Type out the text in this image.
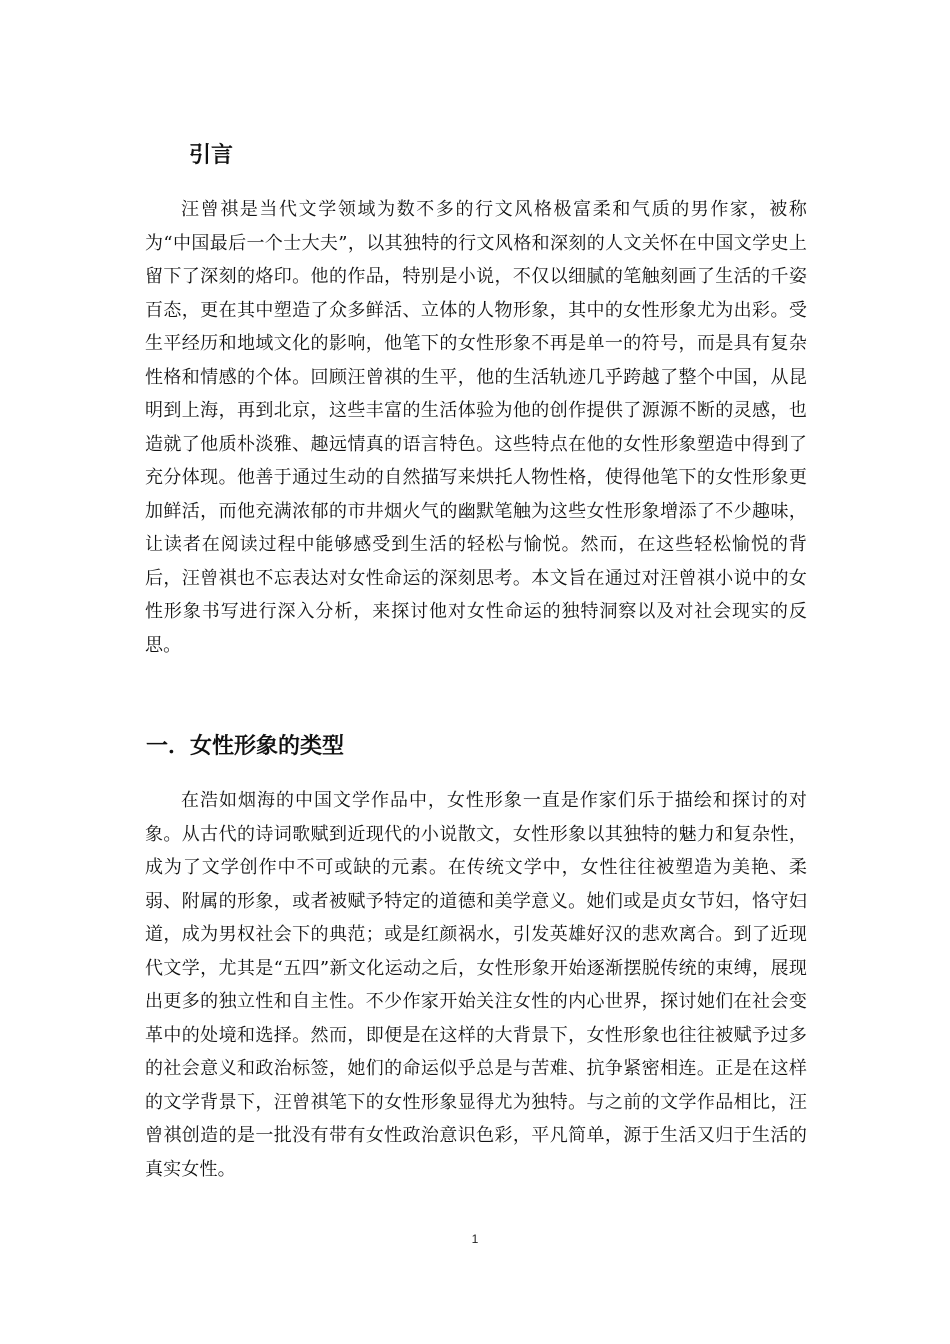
引言

汪曾祺是当代文学领域为数不多的行文风格极富柔和气质的男作家，被称为“中国最后一个士大夫”，以其独特的行文风格和深刻的人文关怀在中国文学史上留下了深刻的烙印。他的作品，特别是小说，不仅以细腻的笔触刻画了生活的千姿百态，更在其中塑造了众多鲜活、立体的人物形象，其中的女性形象尤为出彩。受生平经历和地域文化的影响，他笔下的女性形象不再是单一的符号，而是具有复杂性格和情感的个体。回顾汪曾祺的生平，他的生活轨迹几乎跨越了整个中国，从昆明到上海，再到北京，这些丰富的生活体验为他的创作提供了源源不断的灵感，也造就了他质朴淡雅、趣远情真的语言特色。这些特点在他的女性形象塑造中得到了充分体现。他善于通过生动的自然描写来烘托人物性格，使得他笔下的女性形象更加鲜活，而他充满浓郁的市井烟火气的幽默笔触为这些女性形象增添了不少趣味，让读者在阅读过程中能够感受到生活的轻松与愉悦。然而，在这些轻松愉悦的背后，汪曾祺也不忘表达对女性命运的深刻思考。本文旨在通过对汪曾祺小说中的女性形象书写进行深入分析，来探讨他对女性命运的独特洞察以及对社会现实的反思。

一．女性形象的类型

在浩如烟海的中国文学作品中，女性形象一直是作家们乐于描绘和探讨的对象。从古代的诗词歌赋到近现代的小说散文，女性形象以其独特的魅力和复杂性，成为了文学创作中不可或缺的元素。在传统文学中，女性往往被塑造为美艳、柔弱、附属的形象，或者被赋予特定的道德和美学意义。她们或是贞女节妇，恪守妇道，成为男权社会下的典范；或是红颜祸水，引发英雄好汉的悲欢离合。到了近现代文学，尤其是“五四”新文化运动之后，女性形象开始逐渐摆脱传统的束缚，展现出更多的独立性和自主性。不少作家开始关注女性的内心世界，探讨她们在社会变革中的处境和选择。然而，即便是在这样的大背景下，女性形象也往往被赋予过多的社会意义和政治标签，她们的命运似乎总是与苦难、抗争紧密相连。正是在这样的文学背景下，汪曾祺笔下的女性形象显得尤为独特。与之前的文学作品相比，汪曾祺创造的是一批没有带有女性政治意识色彩，平凡简单，源于生活又归于生活的真实女性。

1
